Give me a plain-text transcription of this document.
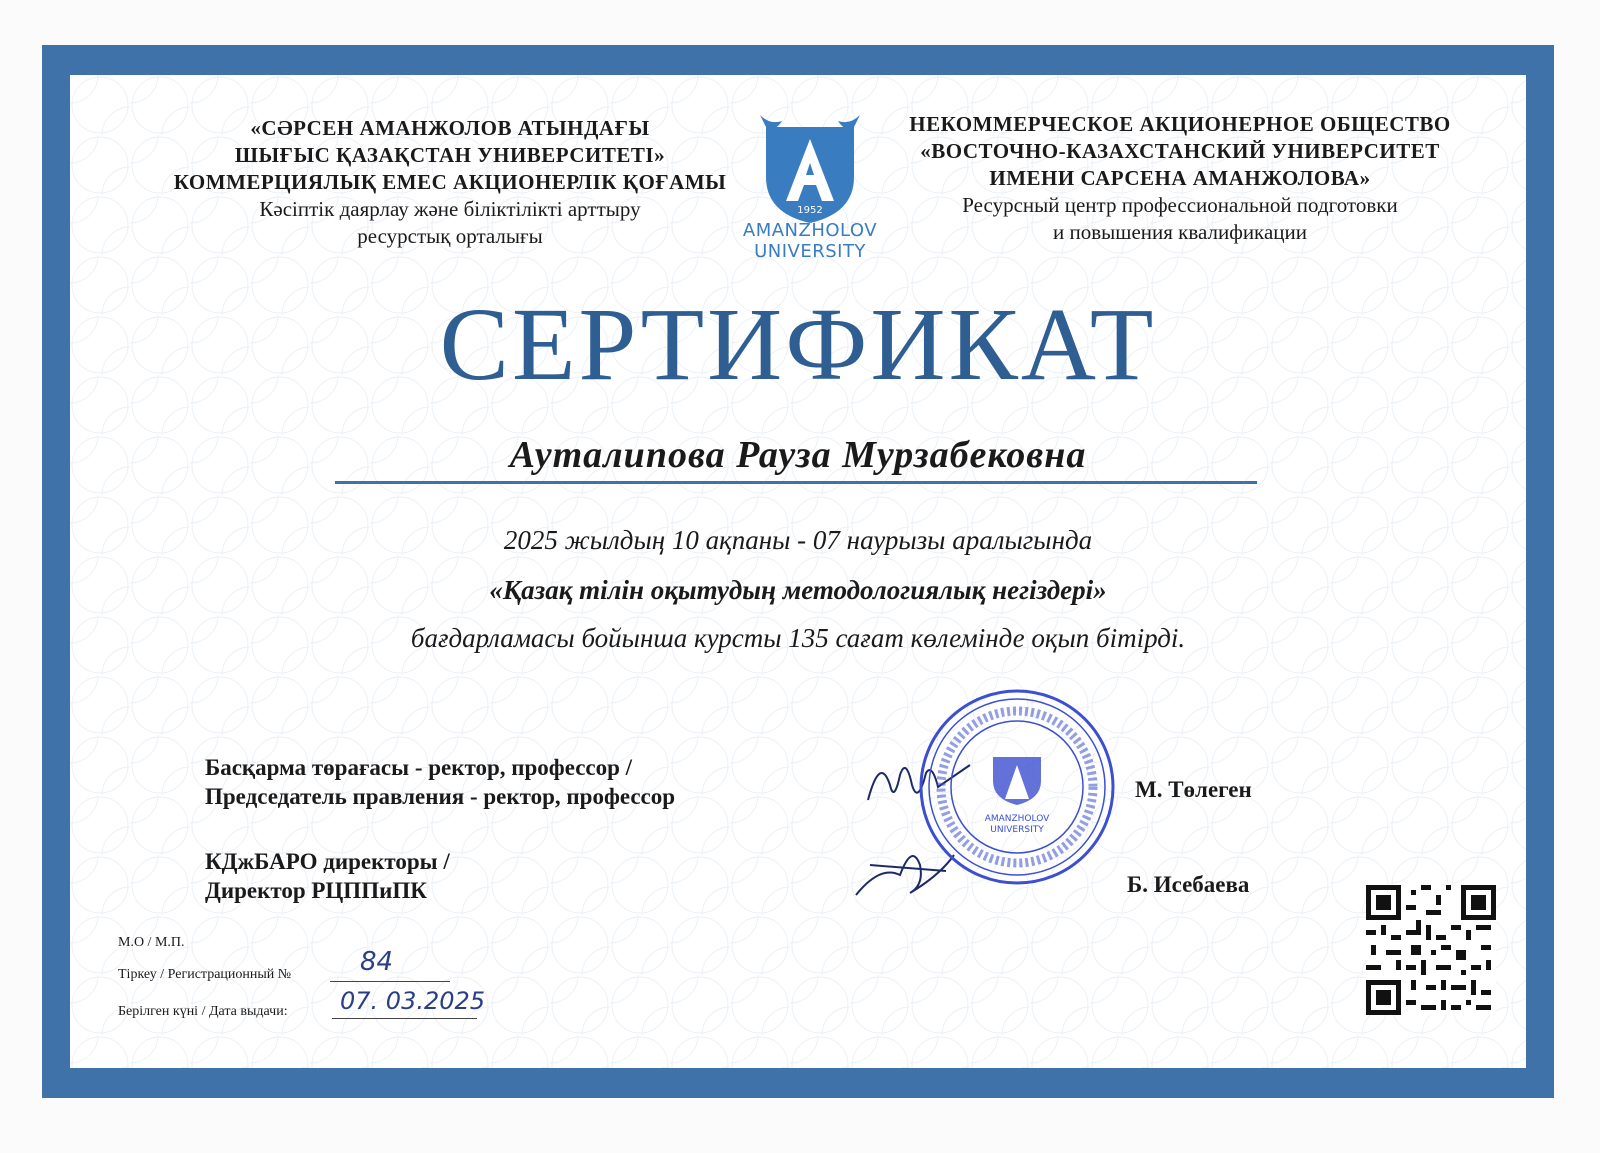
«СӘРСЕН АМАНЖОЛОВ АТЫНДАҒЫ
ШЫҒЫС ҚАЗАҚСТАН УНИВЕРСИТЕТІ»
КОММЕРЦИЯЛЫҚ ЕМЕС АКЦИОНЕРЛІК ҚОҒАМЫ
Кәсіптік даярлау және біліктілікті арттыру
ресурстық орталығы
1952
AMANZHOLOV
UNIVERSITY
НЕКОММЕРЧЕСКОЕ АКЦИОНЕРНОЕ ОБЩЕСТВО
«ВОСТОЧНО-КАЗАХСТАНСКИЙ УНИВЕРСИТЕТ
ИМЕНИ САРСЕНА АМАНЖОЛОВА»
Ресурсный центр профессиональной подготовки
и повышения квалификации
СЕРТИФИКАТ
Ауталипова Рауза Мурзабековна
2025 жылдың 10 ақпаны - 07 наурызы аралыгында
«Қазақ тілін оқытудың методологиялық негіздері»
бағдарламасы бойынша курсты 135 сағат көлемінде оқып бітірді.
Басқарма төрағасы - ректор, профессор /
Председатель правления - ректор, профессор	М. Төлеген
КДжБАРО директоры /
Директор РЦППиПК	Б. Исебаева
AMANZHOLOV
UNIVERSITY
М.О / М.П.
Тіркеу / Регистрационный №	84
Берілген күні / Дата выдачи: 07. 03.2025
